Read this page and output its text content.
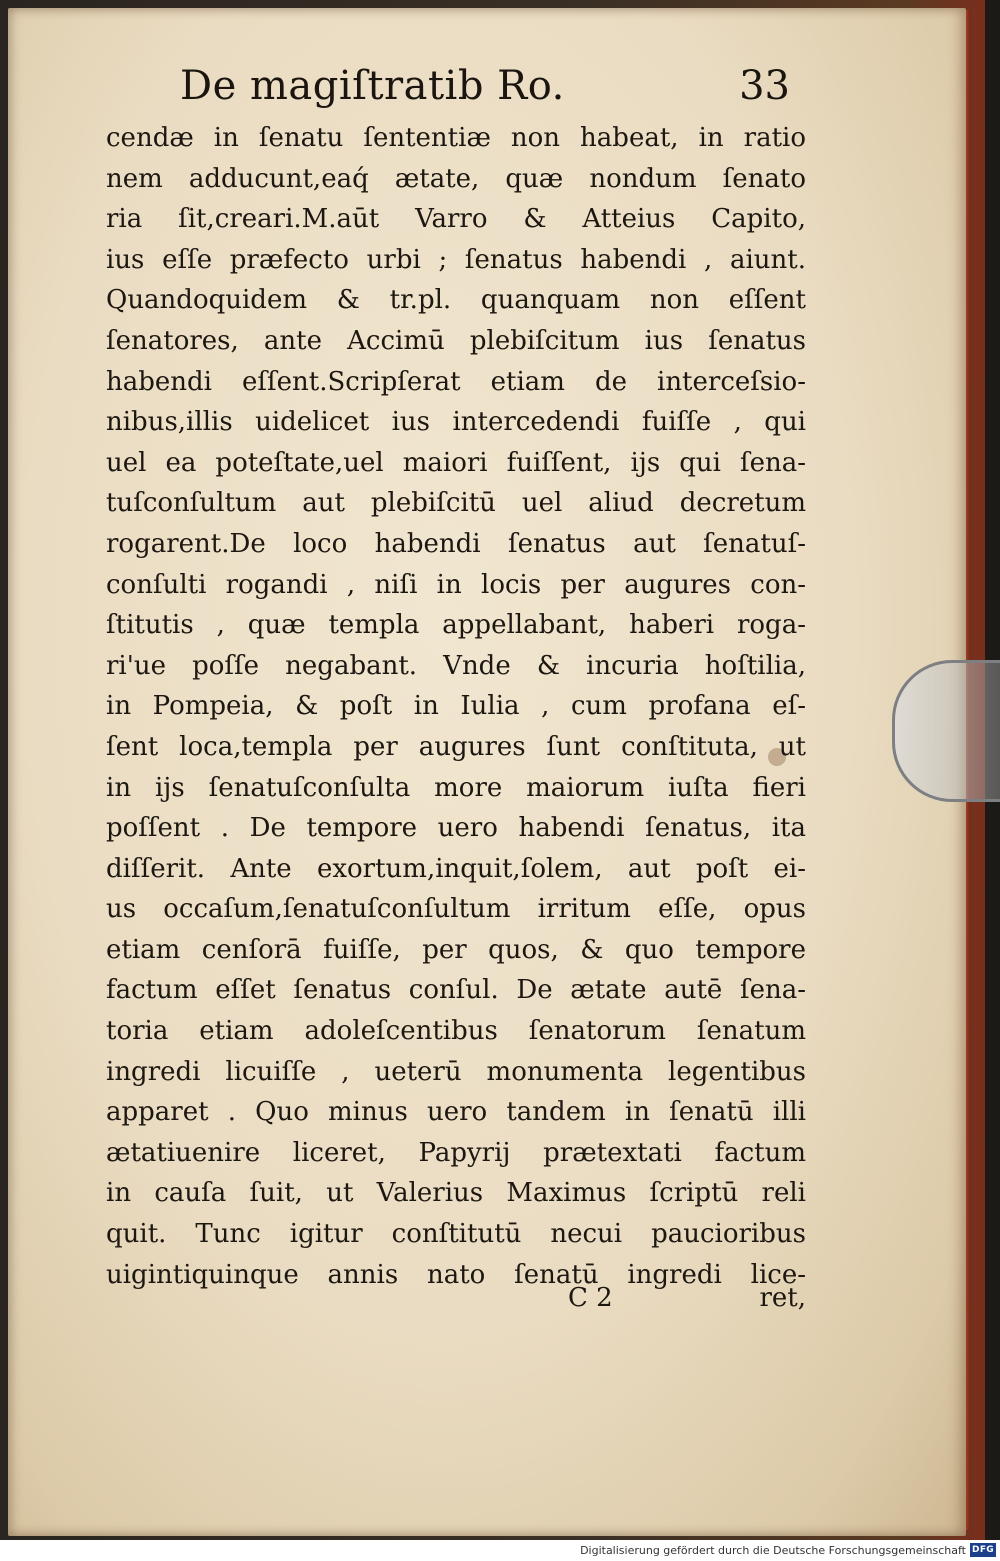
De magiſtratib Ro.	33
cendæ in ſenatu ſententiæ non habeat, in ratio
nem adducunt,eaq́ ætate, quæ nondum ſenato
ria ſit,creari.M.aūt Varro & Atteius Capito,
ius eſſe præfecto urbi ; ſenatus habendi , aiunt.
Quandoquidem & tr.pl. quanquam non eſſent
ſenatores, ante Accimū plebiſcitum ius ſenatus
habendi eſſent.Scripſerat etiam de interceſsio-
nibus,illis uidelicet ius intercedendi fuiſſe , qui
uel ea poteſtate,uel maiori fuiſſent, ijs qui ſena-
tuſconſultum aut plebiſcitū uel aliud decretum
rogarent.De loco habendi ſenatus aut ſenatuſ-
conſulti rogandi , niſi in locis per augures con-
ſtitutis , quæ templa appellabant, haberi roga-
ri'ue poſſe negabant. Vnde & incuria hoſtilia,
in Pompeia, & poſt in Iulia , cum profana eſ-
ſent loca,templa per augures ſunt conſtituta, ut
in ijs ſenatuſconſulta more maiorum iuſta fieri
poſſent . De tempore uero habendi ſenatus, ita
diſſerit. Ante exortum,inquit,ſolem, aut poſt ei-
us occaſum,ſenatuſconſultum irritum eſſe, opus
etiam cenſorā fuiſſe, per quos, & quo tempore
factum eſſet ſenatus conſul. De ætate autē ſena-
toria etiam adoleſcentibus ſenatorum ſenatum
ingredi licuiſſe , ueterū monumenta legentibus
apparet . Quo minus uero tandem in ſenatū illi
ætatiuenire liceret, Papyrij prætextati factum
in cauſa ſuit, ut Valerius Maximus ſcriptū reli
quit. Tunc igitur conſtitutū necui paucioribus
uigintiquinque annis nato ſenatū ingredi lice-
C 2	ret,
Digitalisierung gefördert durch die Deutsche Forschungsgemeinschaft DFG
